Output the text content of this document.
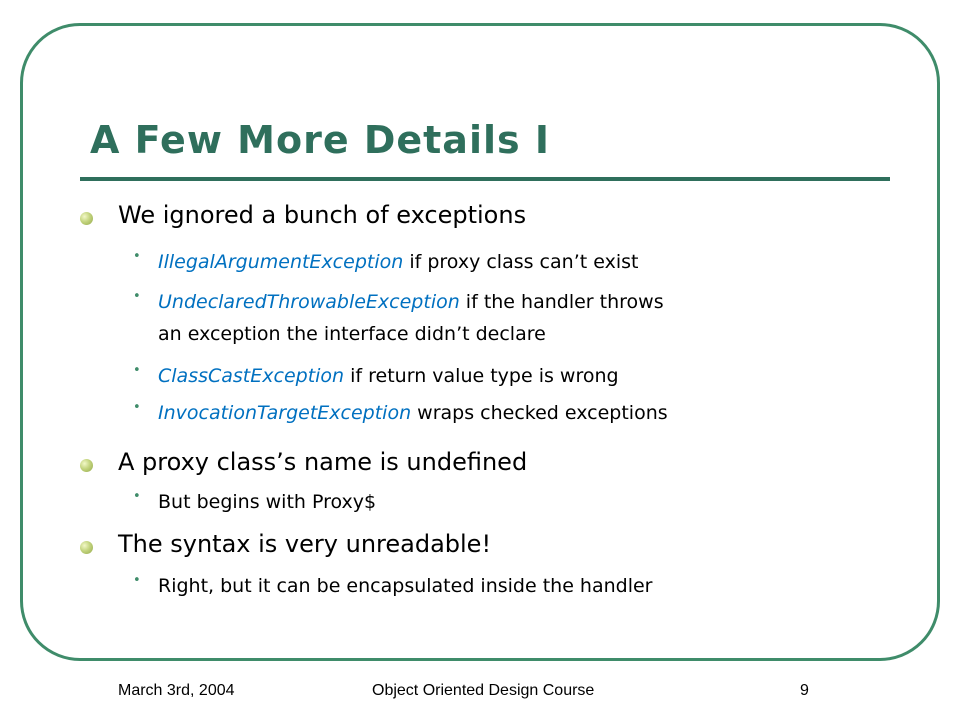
A Few More Details I
We ignored a bunch of exceptions
• IllegalArgumentException if proxy class can’t exist
• UndeclaredThrowableException if the handler throws
an exception the interface didn’t declare
• ClassCastException if return value type is wrong
• InvocationTargetException wraps checked exceptions
A proxy class’s name is undefined
• But begins with Proxy$
The syntax is very unreadable!
• Right, but it can be encapsulated inside the handler
March 3rd, 2004	Object Oriented Design Course	9
